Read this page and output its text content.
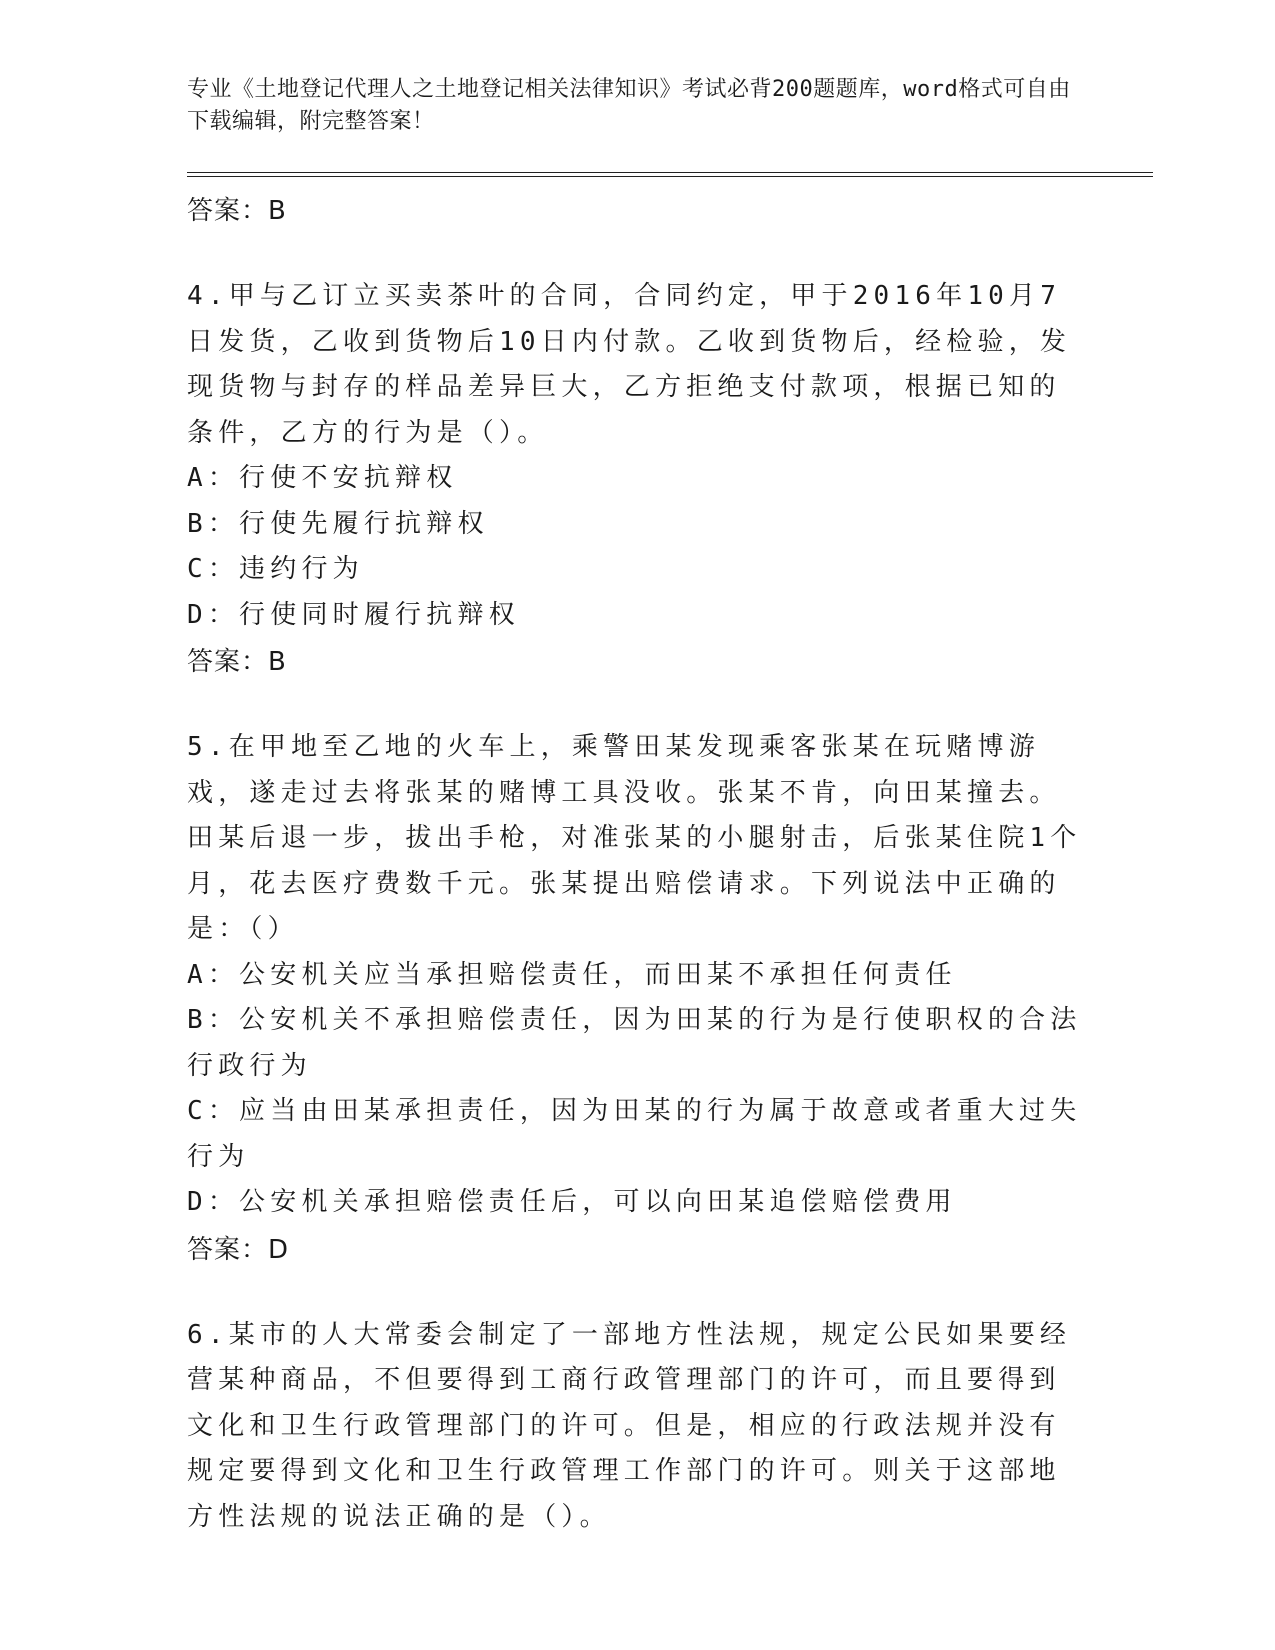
专业《土地登记代理人之土地登记相关法律知识》考试必背200题题库，word格式可自由下载编辑，附完整答案！

答案：B

4.甲与乙订立买卖茶叶的合同，合同约定，甲于2016年10月7日发货，乙收到货物后10日内付款。乙收到货物后，经检验，发现货物与封存的样品差异巨大，乙方拒绝支付款项，根据已知的条件，乙方的行为是（）。

A：行使不安抗辩权

B：行使先履行抗辩权

C：违约行为

D：行使同时履行抗辩权

答案：B

5.在甲地至乙地的火车上，乘警田某发现乘客张某在玩赌博游戏，遂走过去将张某的赌博工具没收。张某不肯，向田某撞去。田某后退一步，拔出手枪，对准张某的小腿射击，后张某住院1个月，花去医疗费数千元。张某提出赔偿请求。下列说法中正确的是：（）

A：公安机关应当承担赔偿责任，而田某不承担任何责任

B：公安机关不承担赔偿责任，因为田某的行为是行使职权的合法行政行为

C：应当由田某承担责任，因为田某的行为属于故意或者重大过失行为

D：公安机关承担赔偿责任后，可以向田某追偿赔偿费用

答案：D

6.某市的人大常委会制定了一部地方性法规，规定公民如果要经营某种商品，不但要得到工商行政管理部门的许可，而且要得到文化和卫生行政管理部门的许可。但是，相应的行政法规并没有规定要得到文化和卫生行政管理工作部门的许可。则关于这部地方性法规的说法正确的是（）。
